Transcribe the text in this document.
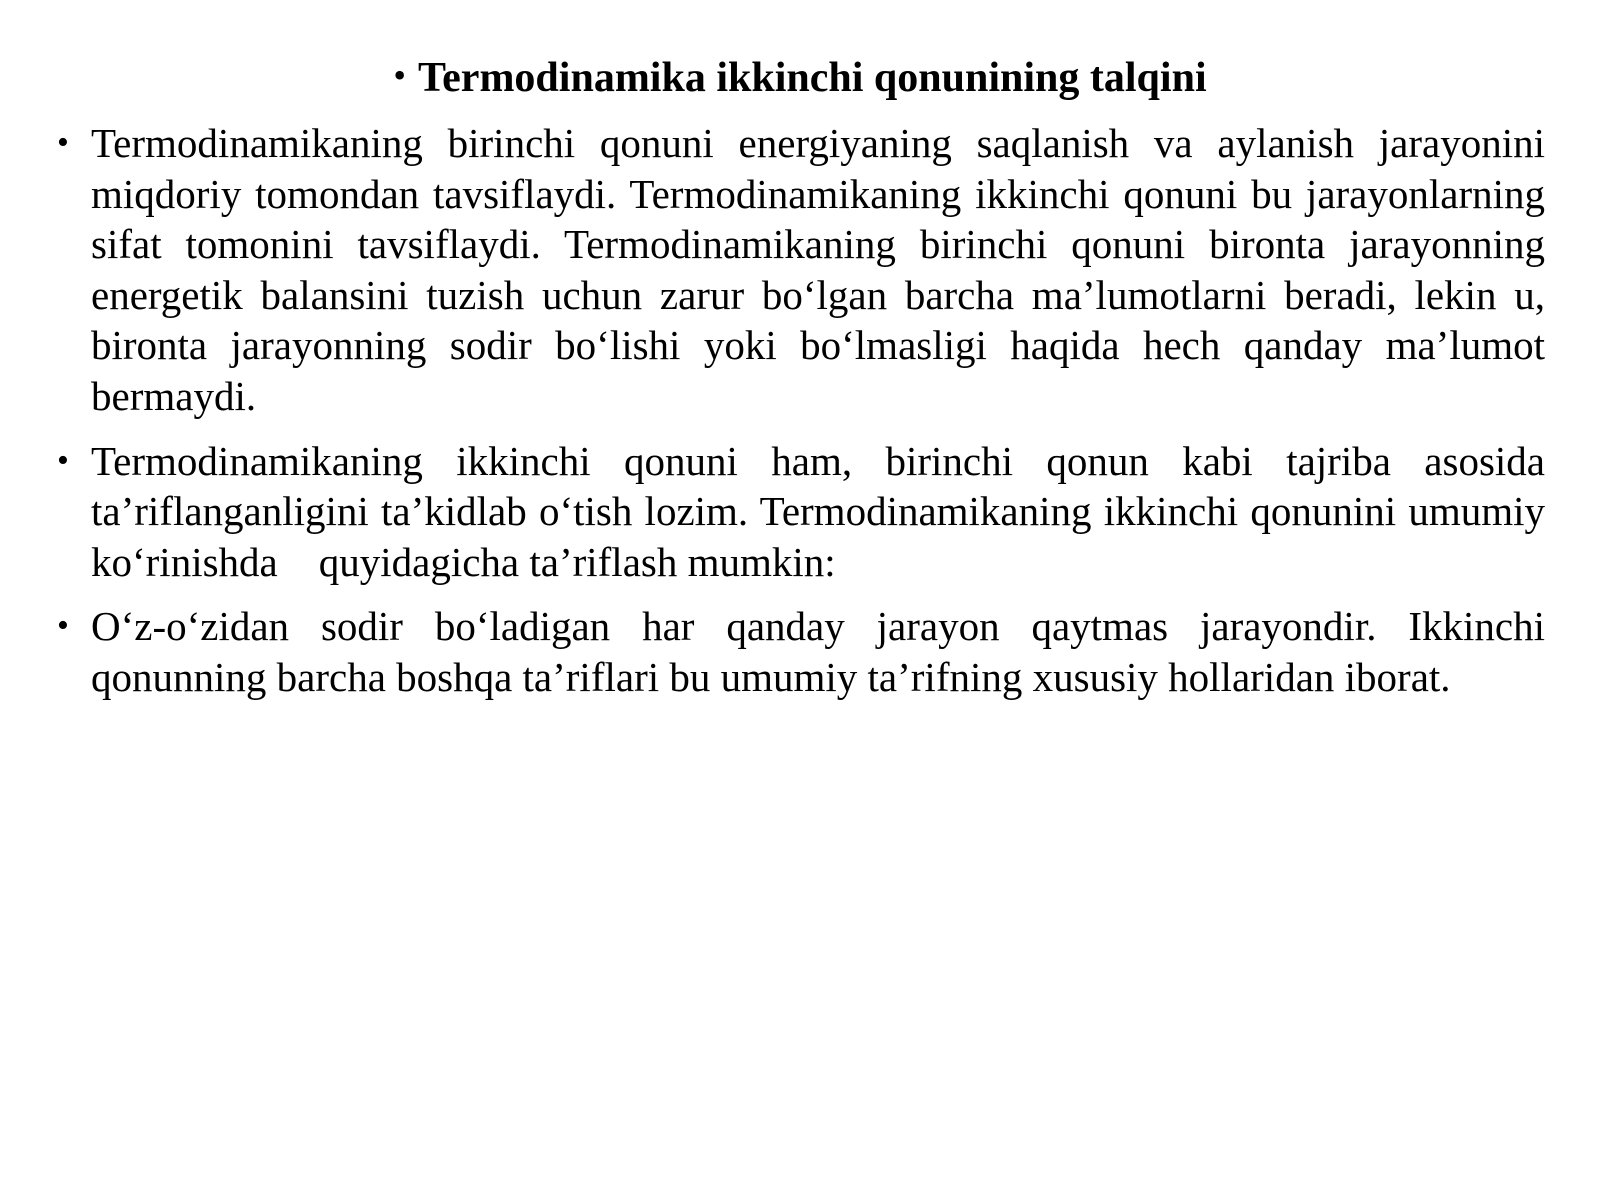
• Termodinamika ikkinchi qonunining talqini
• Termodinamikaning birinchi qonuni energiyaning saqlanish va aylanish jarayonini miqdoriy tomondan tavsiflaydi. Termodinamikaning ikkinchi qonuni bu jarayonlarning sifat tomonini tavsiflaydi. Termodinamikaning birinchi qonuni bironta jarayonning energetik balansini tuzish uchun zarur bo‘lgan barcha ma’lumotlarni beradi, lekin u, bironta jarayonning sodir bo‘lishi yoki bo‘lmasligi haqida hech qanday ma’lumot bermaydi.
• Termodinamikaning ikkinchi qonuni ham, birinchi qonun kabi tajriba asosida ta’riflanganligini ta’kidlab o‘tish lozim. Termodinamikaning ikkinchi qonunini umumiy ko‘rinishda    quyidagicha ta’riflash mumkin:
• O‘z-o‘zidan sodir bo‘ladigan har qanday jarayon qaytmas jarayondir. Ikkinchi qonunning barcha boshqa ta’riflari bu umumiy ta’rifning xususiy hollaridan iborat.
